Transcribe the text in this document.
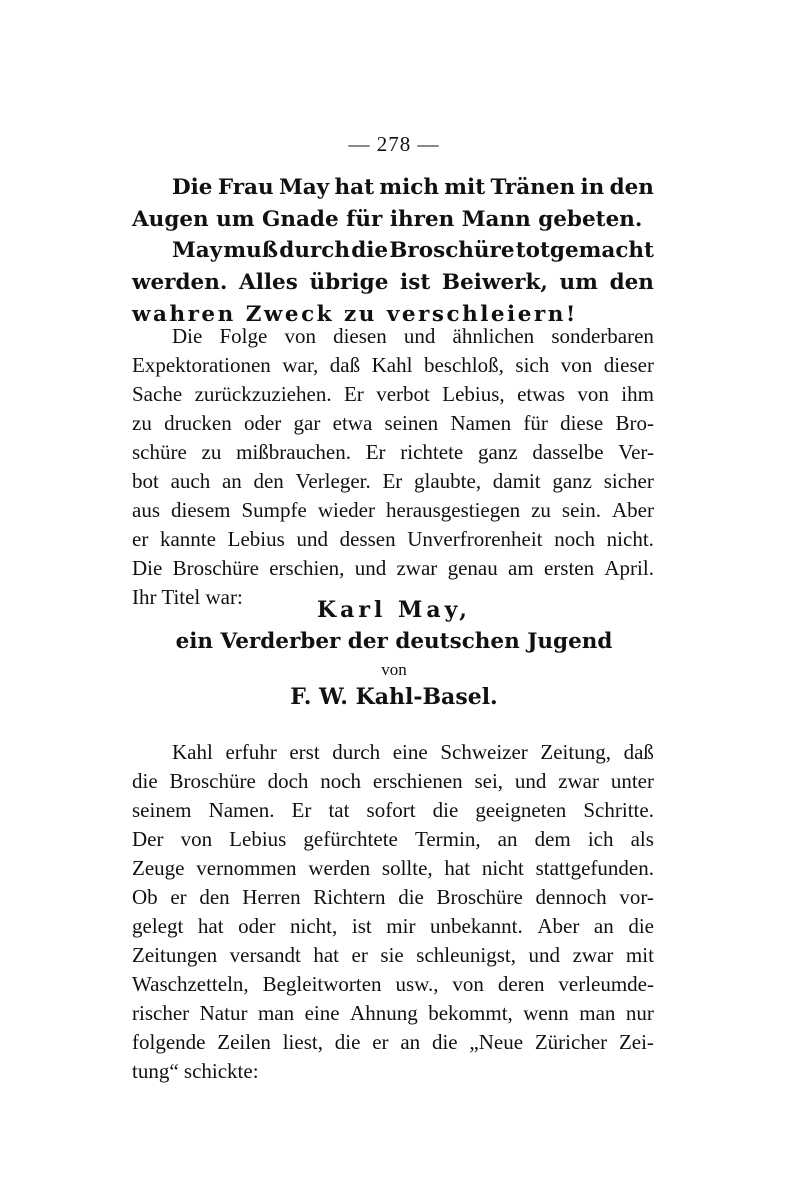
— 278 —
Die Frau May hat mich mit Tränen in den
Augen um Gnade für ihren Mann gebeten.
May muß durch die Broschüre totgemacht
werden. Alles übrige ist Beiwerk, um den
wahren Zweck zu verschleiern!
Die Folge von diesen und ähnlichen sonderbaren
Expektorationen war, daß Kahl beschloß, sich von dieser
Sache zurückzuziehen. Er verbot Lebius, etwas von ihm
zu drucken oder gar etwa seinen Namen für diese Bro-
schüre zu mißbrauchen. Er richtete ganz dasselbe Ver-
bot auch an den Verleger. Er glaubte, damit ganz sicher
aus diesem Sumpfe wieder herausgestiegen zu sein. Aber
er kannte Lebius und dessen Unverfrorenheit noch nicht.
Die Broschüre erschien, und zwar genau am ersten April.
Ihr Titel war:	Karl May,
ein Verderber der deutschen Jugend
von
F. W. Kahl-Basel.
Kahl erfuhr erst durch eine Schweizer Zeitung, daß
die Broschüre doch noch erschienen sei, und zwar unter
seinem Namen. Er tat sofort die geeigneten Schritte.
Der von Lebius gefürchtete Termin, an dem ich als
Zeuge vernommen werden sollte, hat nicht stattgefunden.
Ob er den Herren Richtern die Broschüre dennoch vor-
gelegt hat oder nicht, ist mir unbekannt. Aber an die
Zeitungen versandt hat er sie schleunigst, und zwar mit
Waschzetteln, Begleitworten usw., von deren verleumde-
rischer Natur man eine Ahnung bekommt, wenn man nur
folgende Zeilen liest, die er an die „Neue Züricher Zei-
tung“ schickte:
